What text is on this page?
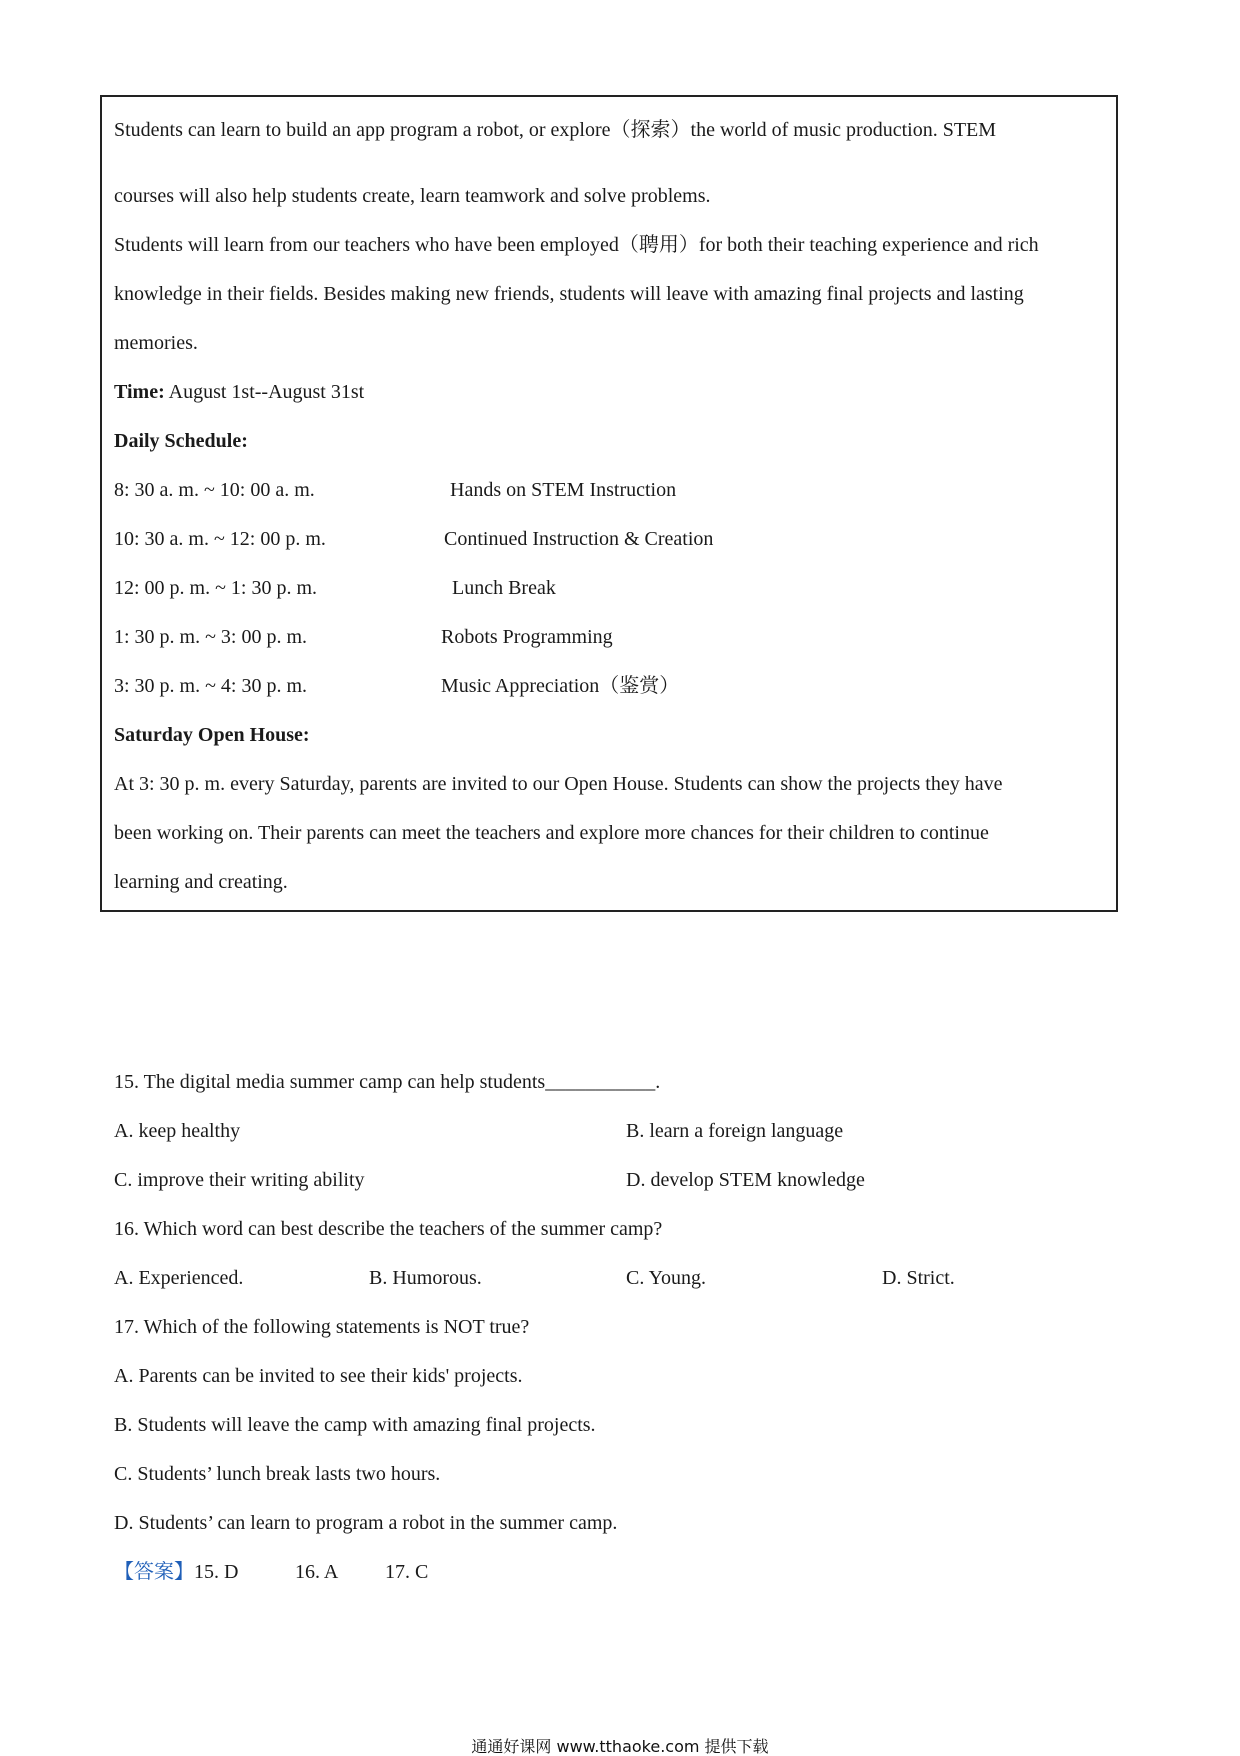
Students can learn to build an app program a robot, or explore（探索）the world of music production. STEM
courses will also help students create, learn teamwork and solve problems.
Students will learn from our teachers who have been employed（聘用）for both their teaching experience and rich
knowledge in their fields. Besides making new friends, students will leave with amazing final projects and lasting
memories.
Time: August 1st--August 31st
Daily Schedule:
8: 30 a. m. ~ 10: 00 a. m.	Hands on STEM Instruction
10: 30 a. m. ~ 12: 00 p. m.	Continued Instruction & Creation
12: 00 p. m. ~ 1: 30 p. m.	Lunch Break
1: 30 p. m. ~ 3: 00 p. m.	Robots Programming
3: 30 p. m. ~ 4: 30 p. m.	Music Appreciation（鉴赏）
Saturday Open House:
At 3: 30 p. m. every Saturday, parents are invited to our Open House. Students can show the projects they have
been working on. Their parents can meet the teachers and explore more chances for their children to continue
learning and creating.
15. The digital media summer camp can help students___________.
A. keep healthy	B. learn a foreign language
C. improve their writing ability	D. develop STEM knowledge
16. Which word can best describe the teachers of the summer camp?
A. Experienced.	B. Humorous.	C. Young.	D. Strict.
17. Which of the following statements is NOT true?
A. Parents can be invited to see their kids' projects.
B. Students will leave the camp with amazing final projects.
C. Students’ lunch break lasts two hours.
D. Students’ can learn to program a robot in the summer camp.
【答案】15. D	16. A 17. C
通通好课网 www.tthaoke.com 提供下载
